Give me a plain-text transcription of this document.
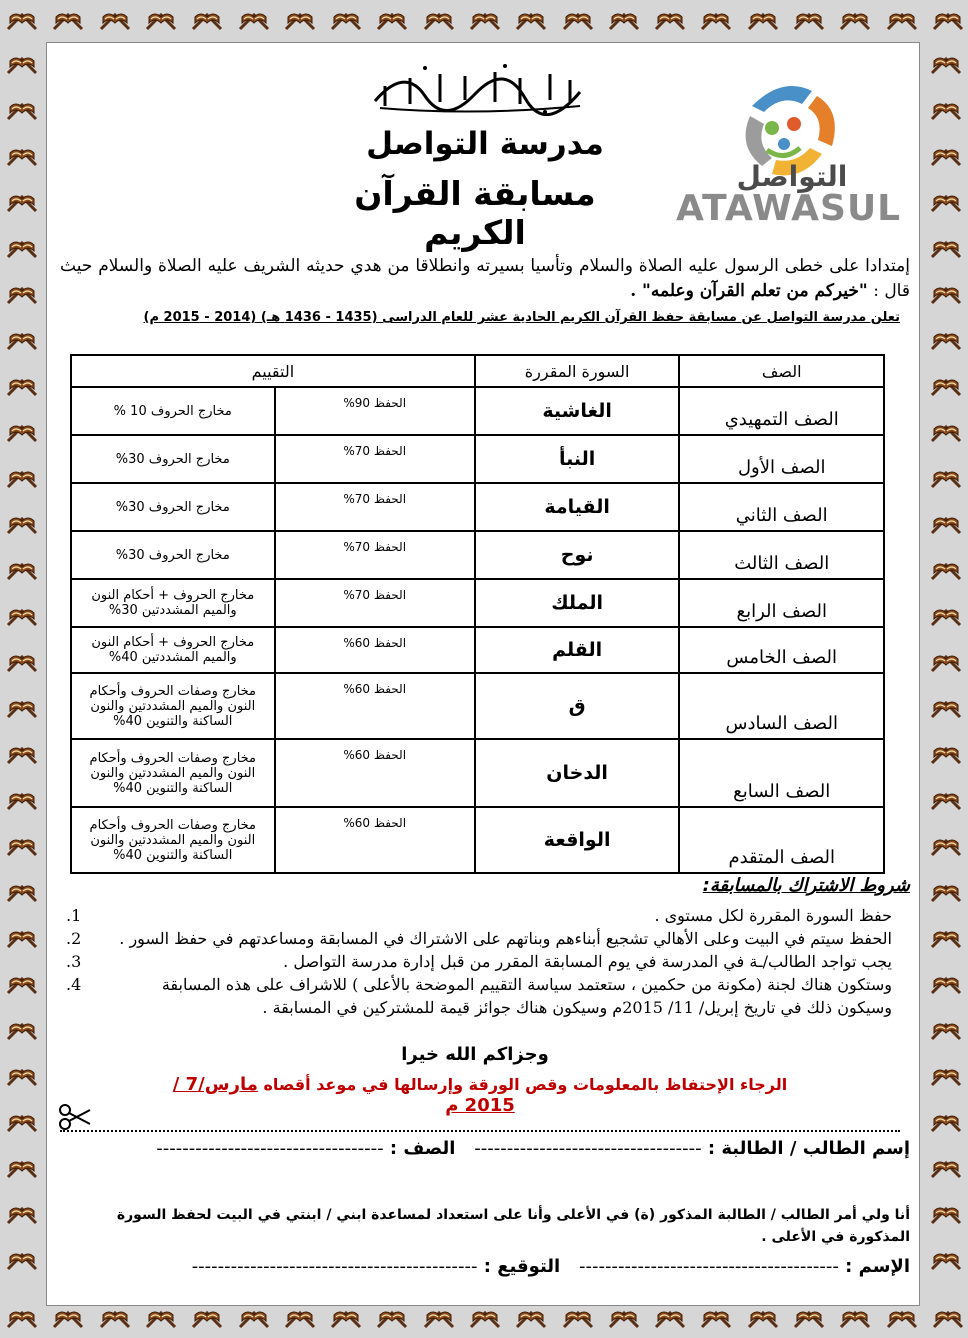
مدرسة التواصل
مسابقة القرآن الكريم
التواصل
ATAWASUL
إمتدادا على خطى الرسول عليه الصلاة والسلام وتأسيا بسيرته وانطلاقا من هدي حديثه الشريف عليه الصلاة والسلام حيث قال : "خيركم من تعلم القرآن وعلمه" .
تعلن مدرسة التواصل عن مسابقة حفظ القرآن الكريم الحادية عشر للعام الدراسى (1435 - 1436 هـ) (2014 - 2015 م)
الصف	السورة المقررة	التقييم	
الصف التمهيدي	الغاشية	الحفظ 90%	مخارج الحروف 10 %
الصف الأول	النبأ	الحفظ 70%	مخارج الحروف 30%
الصف الثاني	القيامة	الحفظ 70%	مخارج الحروف 30%
الصف الثالث	نوح	الحفظ 70%	مخارج الحروف 30%
الصف الرابع	الملك	الحفظ 70%	مخارج الحروف + أحكام النون والميم المشددتين 30%
الصف الخامس	القلم	الحفظ 60%	مخارج الحروف + أحكام النون والميم المشددتين 40%
الصف السادس	ق	الحفظ 60%	مخارج وصفات الحروف وأحكام النون والميم المشددتين والنون الساكنة والتنوين 40%
الصف السابع	الدخان	الحفظ 60%	مخارج وصفات الحروف وأحكام النون والميم المشددتين والنون الساكنة والتنوين 40%
الصف المتقدم	الواقعة	الحفظ 60%	مخارج وصفات الحروف وأحكام النون والميم المشددتين والنون الساكنة والتنوين 40%
شروط الاشتراك بالمسابقة:
حفظ السورة المقررة لكل مستوى .
1.
الحفظ سيتم في البيت وعلى الأهالي تشجيع أبناءهم وبناتهم على الاشتراك في المسابقة ومساعدتهم في حفظ السور .
2.
يجب تواجد الطالب/ـة في المدرسة في يوم المسابقة المقرر من قبل إدارة مدرسة التواصل .
3.
وستكون هناك لجنة (مكونة من حكمين ، ستعتمد سياسة التقييم الموضحة بالأعلى ) للاشراف على هذه المسابقة وسيكون ذلك في تاريخ إبريل/ 11/ 2015م وسيكون هناك جوائز قيمة للمشتركين في المسابقة .
4.
وجزاكم الله خيرا
الرجاء الإحتفاظ بالمعلومات وقص الورقة وإرسالها في موعد أقصاه مارس/7 / 2015 م
إسم الطالب / الطالبة : -----------------------------------   الصف : -----------------------------------
أنا ولي أمر الطالب / الطالبة المذكور (ة) في الأعلى وأنا على استعداد لمساعدة ابني / ابنتي في البيت لحفظ السورة المذكورة في الأعلى .
الإسم : ----------------------------------------   التوقيع : --------------------------------------------
